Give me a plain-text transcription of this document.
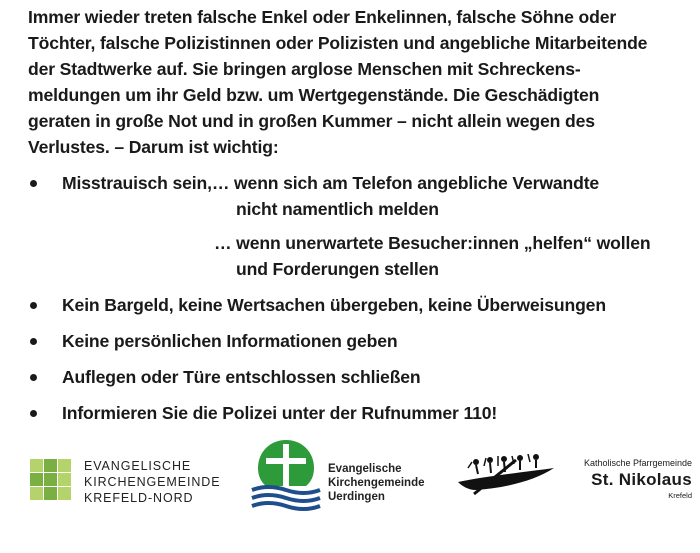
Immer wieder treten falsche Enkel oder Enkelinnen, falsche Söhne oder
Töchter, falsche Polizistinnen oder Polizisten und angebliche Mitarbeitende
der Stadtwerke auf. Sie bringen arglose Menschen mit Schreckens-
meldungen um ihr Geld bzw. um Wertgegenstände. Die Geschädigten
geraten in große Not und in großen Kummer – nicht allein wegen des
Verlustes. – Darum ist wichtig:
Misstrauisch sein,… wenn sich am Telefon angebliche Verwandte
nicht namentlich melden
… wenn unerwartete Besucher:innen „helfen“ wollen
und Forderungen stellen
Kein Bargeld, keine Wertsachen übergeben, keine Überweisungen
Keine persönlichen Informationen geben
Auflegen oder Türe entschlossen schließen
Informieren Sie die Polizei unter der Rufnummer 110!
EVANGELISCHE
KIRCHENGEMEINDE
KREFELD-NORD
Evangelische
Kirchengemeinde
Uerdingen
Katholische Pfarrgemeinde
St. Nikolaus
Krefeld
